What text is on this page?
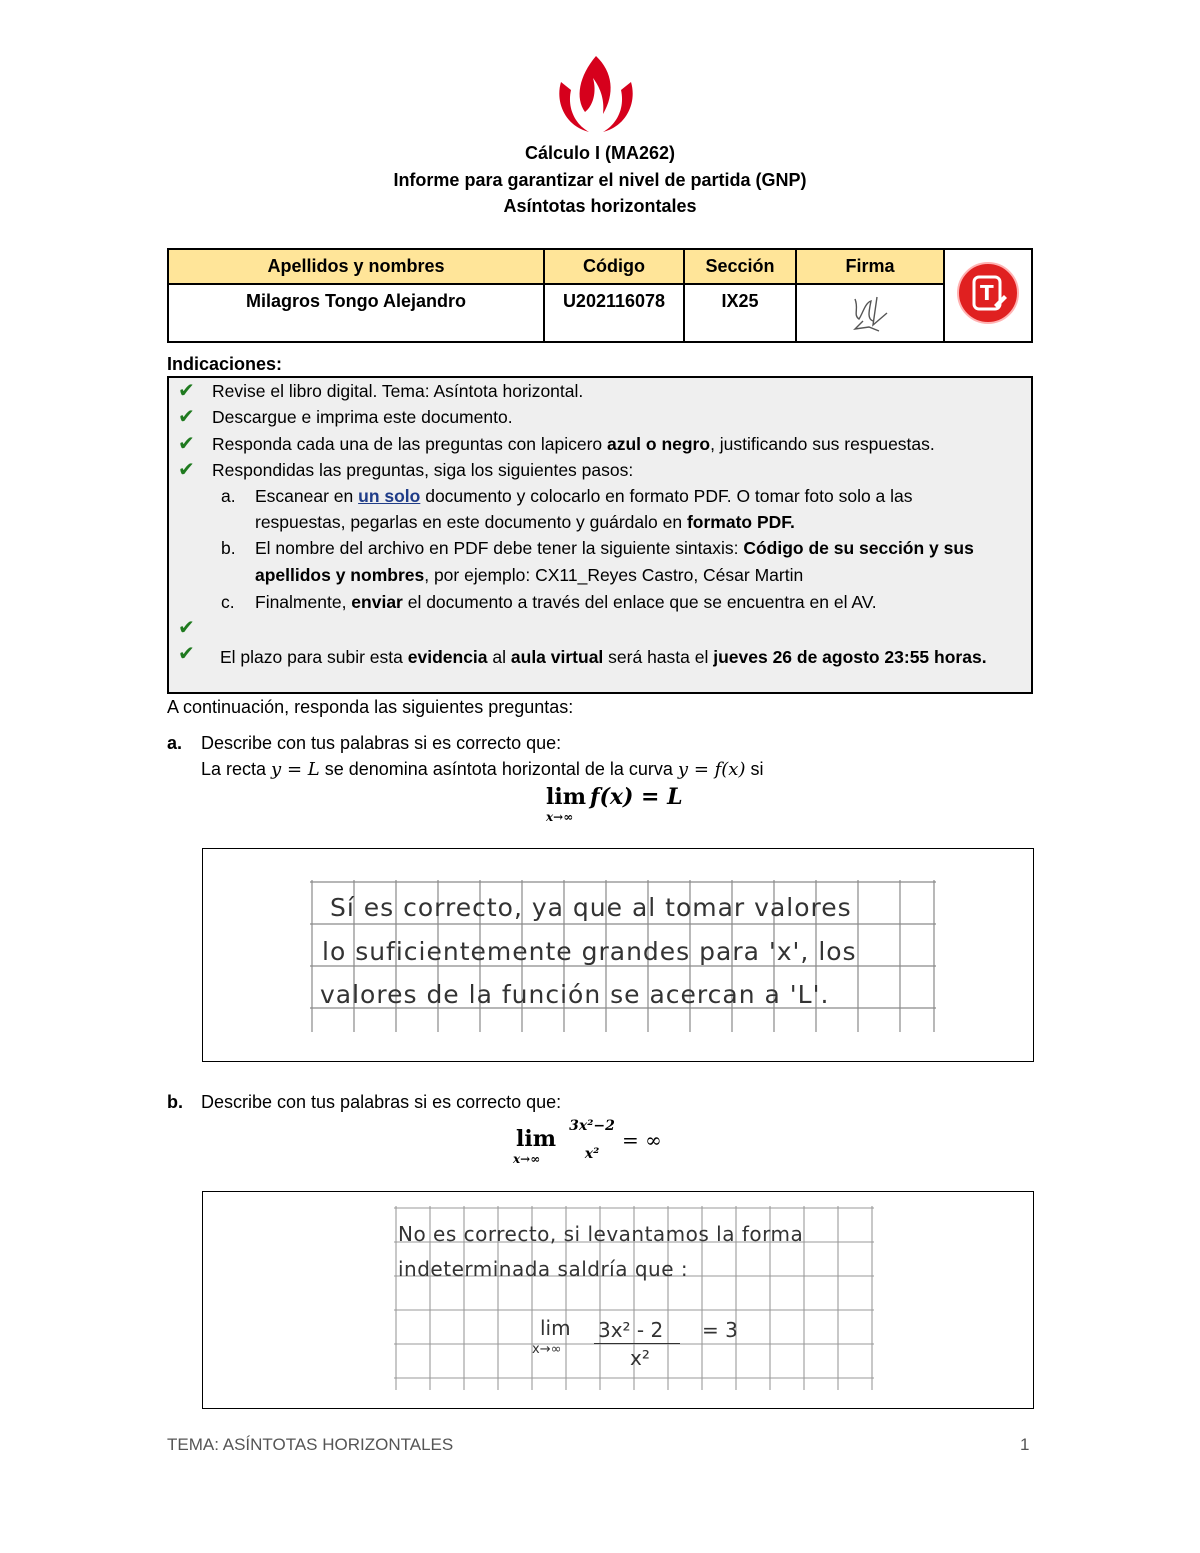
Cálculo I (MA262)
Informe para garantizar el nivel de partida (GNP)
Asíntotas horizontales
Apellidos y nombres	Código	Sección	Firma	T

Milagros Tongo Alejandro	U202116078	IX25	
Indicaciones:
✔ Revise el libro digital. Tema: Asíntota horizontal.
✔ Descargue e imprima este documento.
✔ Responda cada una de las preguntas con lapicero azul o negro, justificando sus respuestas.
✔ Respondidas las preguntas, siga los siguientes pasos:
a. Escanear en un solo documento y colocarlo en formato PDF. O tomar foto solo a las
respuestas, pegarlas en este documento y guárdalo en formato PDF.
b. El nombre del archivo en PDF debe tener la siguiente sintaxis: Código de su sección y sus
apellidos y nombres, por ejemplo: CX11_Reyes Castro, César Martin
c. Finalmente, enviar el documento a través del enlace que se encuentra en el AV.
✔
✔ El plazo para subir esta evidencia al aula virtual será hasta el jueves 26 de agosto 23:55 horas.
A continuación, responda las siguientes preguntas:
a. Describe con tus palabras si es correcto que:
La recta y = L se denomina asíntota horizontal de la curva y = f(x) si
lim
x→∞
f(x) = L
Sí es correcto, ya que al tomar valores
lo suficientemente grandes para 'x', los
valores de la función se acercan a 'L'.
b. Describe con tus palabras si es correcto que:
lim
x→∞
3x²−2
x²
= ∞
No es correcto, si levantamos la forma
indeterminada saldría que :
lim
x→∞
3x² - 2
x²
= 3
TEMA: ASÍNTOTAS HORIZONTALES	1
